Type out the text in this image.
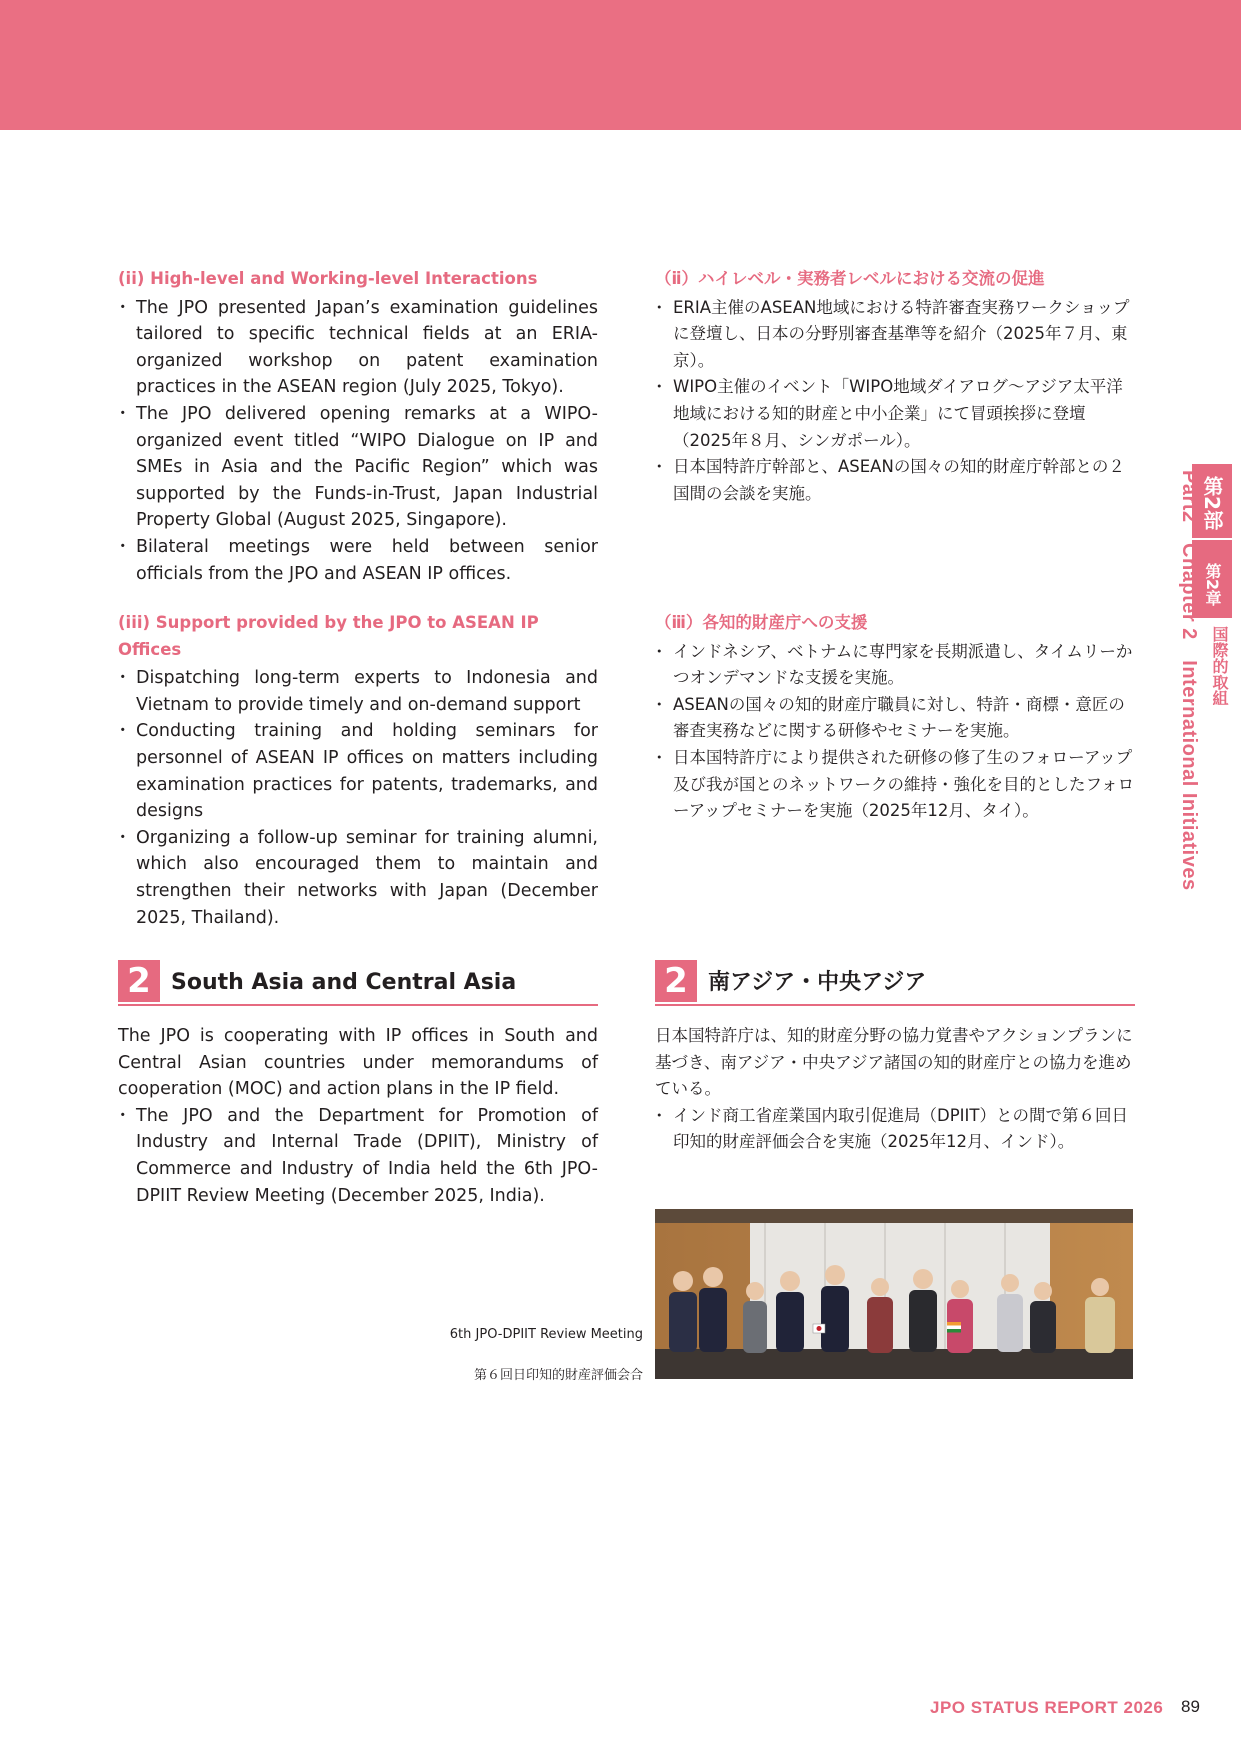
(ii) High-level and Working-level Interactions
・ The JPO presented Japan’s examination guidelines tailored to specific technical fields at an ERIA-organized workshop on patent examination practices in the ASEAN region (July 2025, Tokyo).
・ The JPO delivered opening remarks at a WIPO-organized event titled “WIPO Dialogue on IP and SMEs in Asia and the Pacific Region” which was supported by the Funds-in-Trust, Japan Industrial Property Global (August 2025, Singapore).
・ Bilateral meetings were held between senior officials from the JPO and ASEAN IP offices.
(iii) Support provided by the JPO to ASEAN IP Offices
・ Dispatching long-term experts to Indonesia and Vietnam to provide timely and on-demand support
・ Conducting training and holding seminars for personnel of ASEAN IP offices on matters including examination practices for patents, trademarks, and designs
・ Organizing a follow-up seminar for training alumni, which also encouraged them to maintain and strengthen their networks with Japan (December 2025, Thailand).
（ⅱ）ハイレベル・実務者レベルにおける交流の促進
・ ERIA主催のASEAN地域における特許審査実務ワークショップに登壇し、日本の分野別審査基準等を紹介（2025年７月、東京）。
・ WIPO主催のイベント「WIPO地域ダイアログ～アジア太平洋地域における知的財産と中小企業」にて冒頭挨拶に登壇（2025年８月、シンガポール）。
・ 日本国特許庁幹部と、ASEANの国々の知的財産庁幹部との２国間の会談を実施。
（ⅲ）各知的財産庁への支援
・ インドネシア、ベトナムに専門家を長期派遣し、タイムリーかつオンデマンドな支援を実施。
・ ASEANの国々の知的財産庁職員に対し、特許・商標・意匠の審査実務などに関する研修やセミナーを実施。
・ 日本国特許庁により提供された研修の修了生のフォローアップ及び我が国とのネットワークの維持・強化を目的としたフォローアップセミナーを実施（2025年12月、タイ）。
2 South Asia and Central Asia	2 南アジア・中央アジア

The JPO is cooperating with IP offices in South and Central Asian countries under memorandums of cooperation (MOC) and action plans in the IP field.

・ The JPO and the Department for Promotion of Industry and Internal Trade (DPIIT), Ministry of Commerce and Industry of India held the 6th JPO-DPIIT Review Meeting (December 2025, India).

日本国特許庁は、知的財産分野の協力覚書やアクションプランに基づき、南アジア・中央アジア諸国の知的財産庁との協力を進めている。

・ インド商工省産業国内取引促進局（DPIIT）との間で第６回日印知的財産評価会合を実施（2025年12月、インド）。
6th JPO-DPIIT Review Meeting
第６回日印知的財産評価会合
第2部
第2章
国際的取組
Part2　Chapter 2　International Initiatives
JPO STATUS REPORT 2026 89
